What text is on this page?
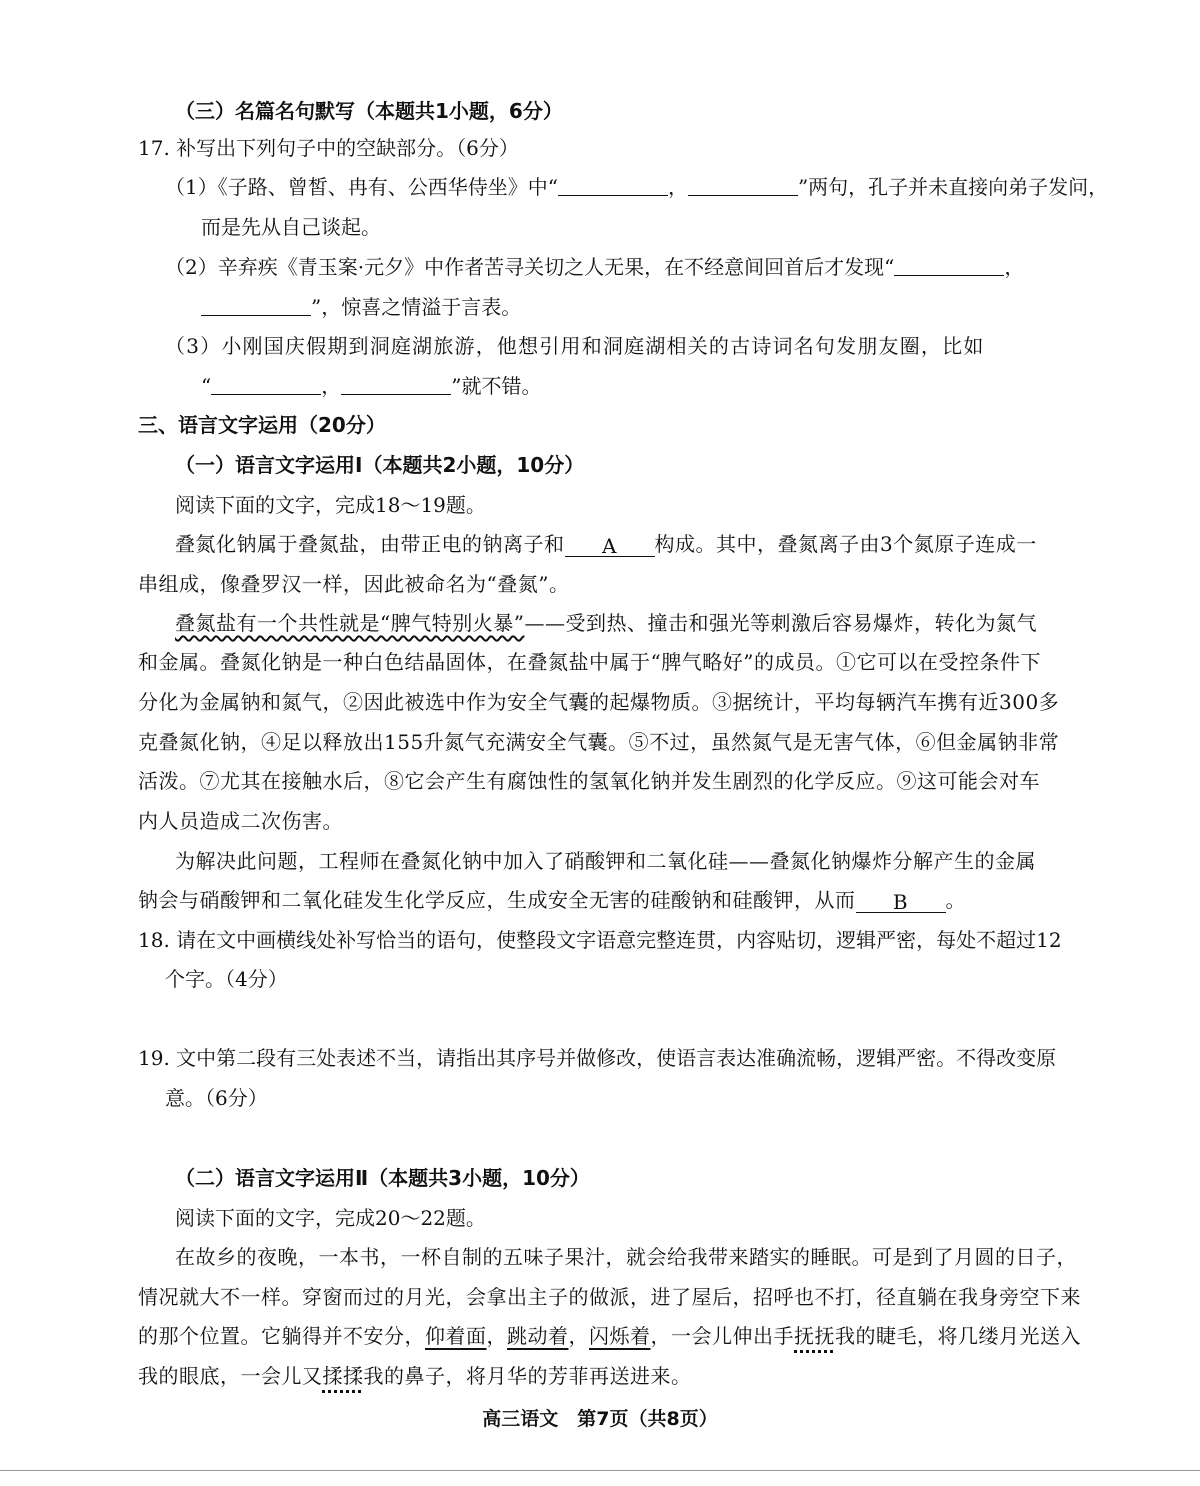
（三）名篇名句默写（本题共1小题，6分）
17. 补写出下列句子中的空缺部分。（6分）
（1）《子路、曾皙、冉有、公西华侍坐》中“	，	”两句，孔子并未直接向弟子发问，
而是先从自己谈起。
（2）辛弃疾《青玉案·元夕》中作者苦寻关切之人无果，在不经意间回首后才发现“	，
”，惊喜之情溢于言表。
（3）小刚国庆假期到洞庭湖旅游，他想引用和洞庭湖相关的古诗词名句发朋友圈，比如
“	，	”就不错。
三、语言文字运用（20分）
（一）语言文字运用Ⅰ（本题共2小题，10分）
阅读下面的文字，完成18～19题。
叠氮化钠属于叠氮盐，由带正电的钠离子和 A 构成。其中，叠氮离子由3个氮原子连成一
串组成，像叠罗汉一样，因此被命名为“叠氮”。
叠氮盐有一个共性就是“脾气特别火暴”——受到热、撞击和强光等刺激后容易爆炸，转化为氮气
和金属。叠氮化钠是一种白色结晶固体，在叠氮盐中属于“脾气略好”的成员。①它可以在受控条件下
分化为金属钠和氮气，②因此被选中作为安全气囊的起爆物质。③据统计，平均每辆汽车携有近300多
克叠氮化钠，④足以释放出155升氮气充满安全气囊。⑤不过，虽然氮气是无害气体，⑥但金属钠非常
活泼。⑦尤其在接触水后，⑧它会产生有腐蚀性的氢氧化钠并发生剧烈的化学反应。⑨这可能会对车
内人员造成二次伤害。
为解决此问题，工程师在叠氮化钠中加入了硝酸钾和二氧化硅——叠氮化钠爆炸分解产生的金属
钠会与硝酸钾和二氧化硅发生化学反应，生成安全无害的硅酸钠和硅酸钾，从而 B 。
18. 请在文中画横线处补写恰当的语句，使整段文字语意完整连贯，内容贴切，逻辑严密，每处不超过12
个字。（4分）
19. 文中第二段有三处表述不当，请指出其序号并做修改，使语言表达准确流畅，逻辑严密。不得改变原
意。（6分）
（二）语言文字运用Ⅱ（本题共3小题，10分）
阅读下面的文字，完成20～22题。
在故乡的夜晚，一本书，一杯自制的五味子果汁，就会给我带来踏实的睡眠。可是到了月圆的日子，
情况就大不一样。穿窗而过的月光，会拿出主子的做派，进了屋后，招呼也不打，径直躺在我身旁空下来
的那个位置。它躺得并不安分，仰着面，跳动着，闪烁着，一会儿伸出手抚抚我的睫毛，将几缕月光送入
我的眼底，一会儿又揉揉我的鼻子，将月华的芳菲再送进来。
高三语文　第7页（共8页）
